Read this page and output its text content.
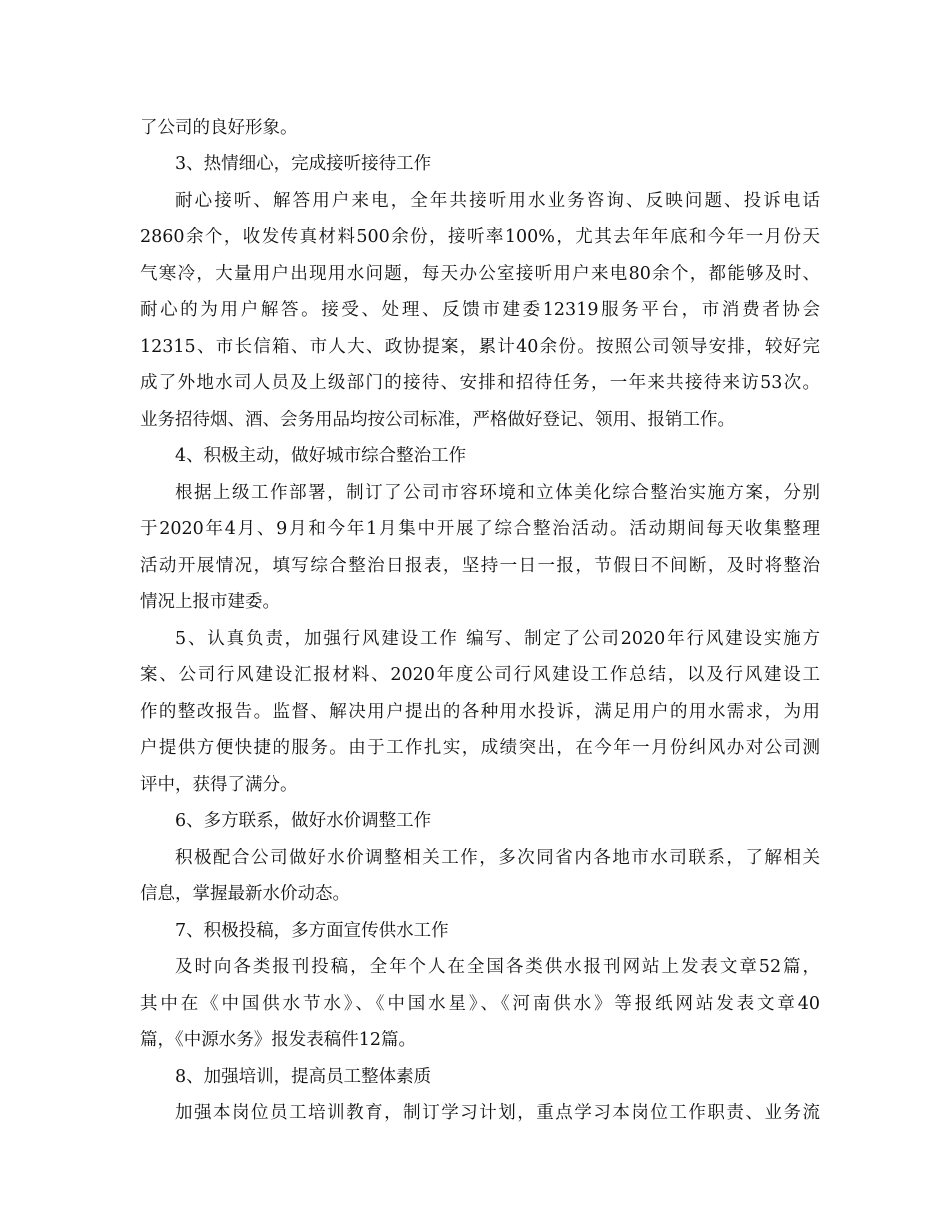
了公司的良好形象。
3、热情细心，完成接听接待工作
耐心接听、解答用户来电，全年共接听用水业务咨询、反映问题、投诉电话
2860余个，收发传真材料500余份，接听率100%，尤其去年年底和今年一月份天
气寒冷，大量用户出现用水问题，每天办公室接听用户来电80余个，都能够及时、
耐心的为用户解答。接受、处理、反馈市建委12319服务平台，市消费者协会
12315、市长信箱、市人大、政协提案，累计40余份。按照公司领导安排，较好完
成了外地水司人员及上级部门的接待、安排和招待任务，一年来共接待来访53次。
业务招待烟、酒、会务用品均按公司标准，严格做好登记、领用、报销工作。
4、积极主动，做好城市综合整治工作
根据上级工作部署，制订了公司市容环境和立体美化综合整治实施方案，分别
于2020年4月、9月和今年1月集中开展了综合整治活动。活动期间每天收集整理
活动开展情况，填写综合整治日报表，坚持一日一报，节假日不间断，及时将整治
情况上报市建委。
5、认真负责，加强行风建设工作 编写、制定了公司2020年行风建设实施方
案、公司行风建设汇报材料、2020年度公司行风建设工作总结，以及行风建设工
作的整改报告。监督、解决用户提出的各种用水投诉，满足用户的用水需求，为用
户提供方便快捷的服务。由于工作扎实，成绩突出，在今年一月份纠风办对公司测
评中，获得了满分。
6、多方联系，做好水价调整工作
积极配合公司做好水价调整相关工作，多次同省内各地市水司联系，了解相关
信息，掌握最新水价动态。
7、积极投稿，多方面宣传供水工作
及时向各类报刊投稿，全年个人在全国各类供水报刊网站上发表文章52篇，
其中在《中国供水节水》、《中国水星》、《河南供水》等报纸网站发表文章40
篇，《中源水务》报发表稿件12篇。
8、加强培训，提高员工整体素质
加强本岗位员工培训教育，制订学习计划，重点学习本岗位工作职责、业务流
